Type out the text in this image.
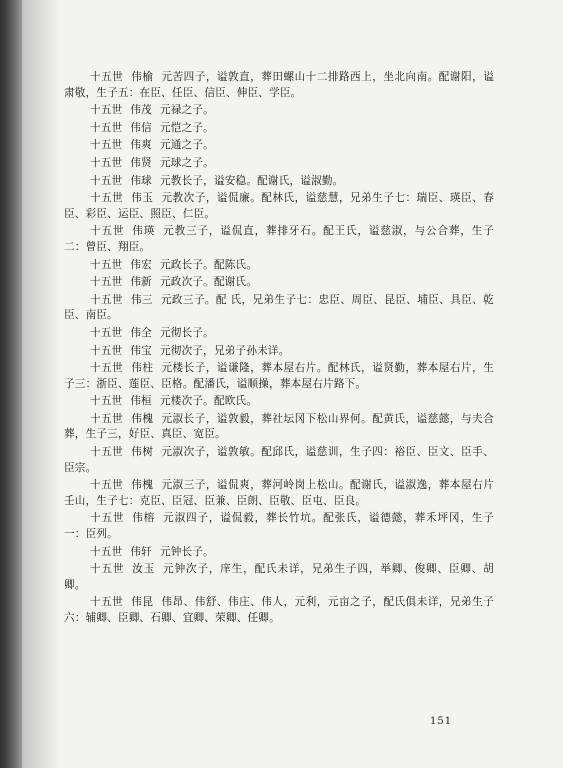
十五世 伟榆 元苦四子，谥敦直，葬田螺山十二排路西上，坐北向南。配谢阳，谥肃敬，生子五：在臣、任臣、信臣、伸臣、学臣。

十五世 伟茂 元禄之子。

十五世 伟信 元恺之子。

十五世 伟爽 元通之子。

十五世 伟贤 元球之子。

十五世 伟球 元教长子，谥安稳。配谢氏，谥淑勤。

十五世 伟玉 元教次子，谥侃廉。配林氏，谥慈慧，兄弟生子七：瑞臣、瑛臣、春臣、彩臣、运臣、照臣、仁臣。

十五世 伟瑛 元教三子，谥侃直，葬排牙石。配王氏，谥慈淑，与公合葬，生子二：曾臣、翔臣。

十五世 伟宏 元政长子。配陈氏。

十五世 伟新 元政次子。配谢氏。

十五世 伟三 元政三子。配 氏，兄弟生子七：忠臣、周臣、昆臣、埔臣、具臣、乾臣、南臣。

十五世 伟全 元彻长子。

十五世 伟宝 元彻次子，兄弟子孙未详。

十五世 伟柱 元楼长子，谥谦隆，葬本屋右片。配林氏，谥贤勤，葬本屋右片，生子三：浙臣、莲臣、臣格。配潘氏，谥顺操，葬本屋右片路下。

十五世 伟桓 元楼次子。配欧氏。

十五世 伟槐 元淑长子，谥敦毅，葬社坛冈下松山界何。配黄氏，谥慈懿，与夫合葬，生子三，好臣、真臣、宽臣。

十五世 伟树 元淑次子，谥敦敏。配邱氏，谥慈训，生子四：裕臣、臣文、臣手、臣宗。

十五世 伟槐 元淑三子，谥侃爽，葬河岭岗上松山。配谢氏，谥淑逸，葬本屋右片壬山，生子七：克臣、臣冠、臣兼、臣朗、臣敬、臣屯、臣良。

十五世 伟榕 元淑四子，谥侃毅，葬长竹坑。配张氏，谥德懿，葬禾坪冈，生子一：臣列。

十五世 伟轩 元钟长子。

十五世 汝玉 元钟次子，庠生，配氏未详，兄弟生子四，举卿、俊卿、臣卿、胡卿。

十五世 伟昆 伟昂、伟舒、伟庄、伟人，元利，元亩之子，配氏俱未详，兄弟生子六：辅卿、臣卿、石卿、宜卿、荣卿、任卿。

151
